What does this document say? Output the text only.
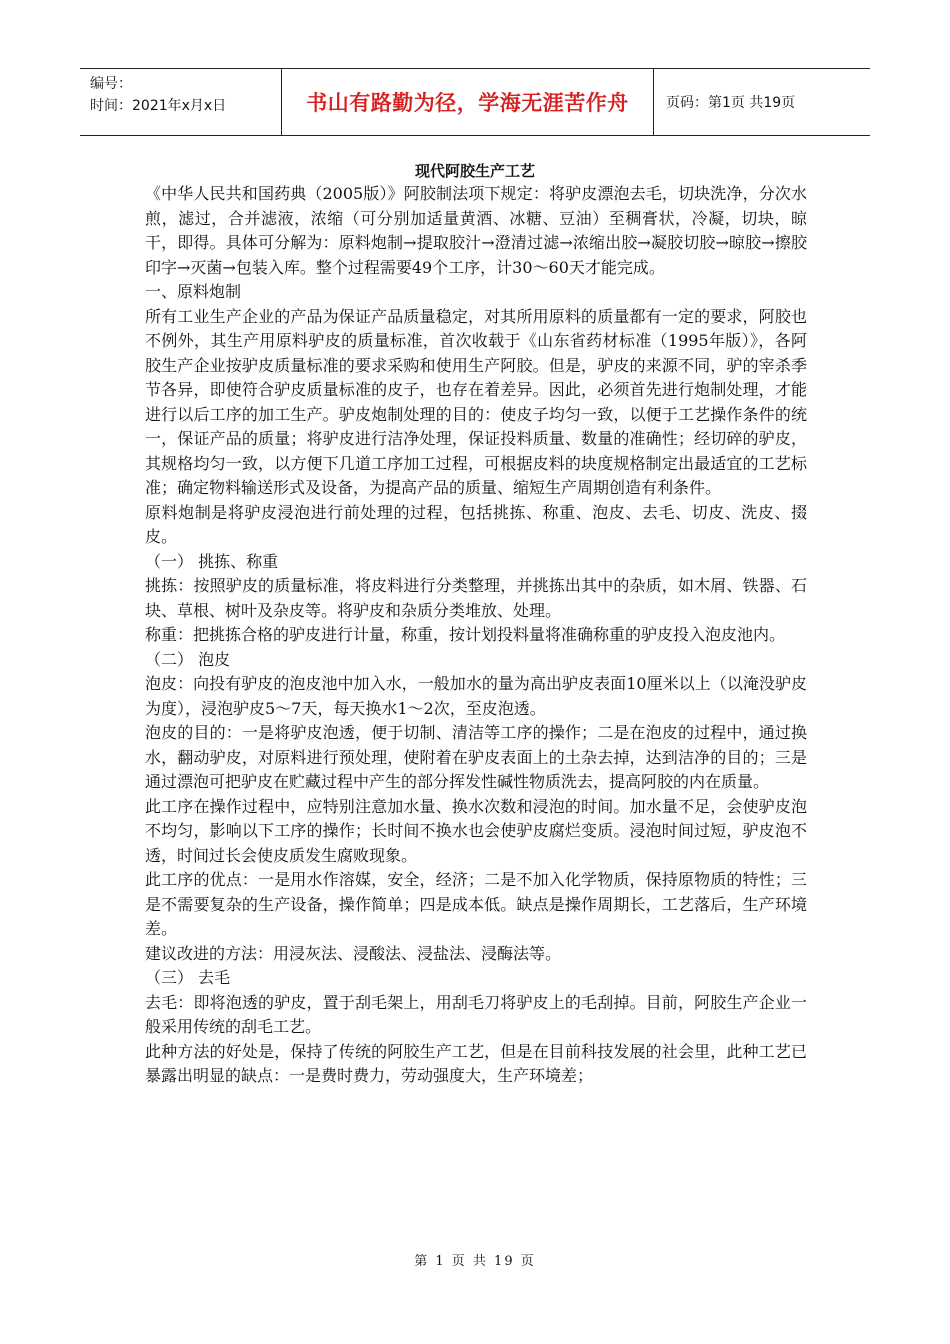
编号：
时间：2021年x月x日	书山有路勤为径，学海无涯苦作舟	页码：第1页 共19页
现代阿胶生产工艺

《中华人民共和国药典（2005版）》阿胶制法项下规定：将驴皮漂泡去毛，切块洗净，分次水煎，滤过，合并滤液，浓缩（可分别加适量黄酒、冰糖、豆油）至稠膏状，冷凝，切块，晾干，即得。具体可分解为：原料炮制→提取胶汁→澄清过滤→浓缩出胶→凝胶切胶→晾胶→擦胶印字→灭菌→包装入库。整个过程需要49个工序，计30～60天才能完成。

一、原料炮制

所有工业生产企业的产品为保证产品质量稳定，对其所用原料的质量都有一定的要求，阿胶也不例外，其生产用原料驴皮的质量标准，首次收载于《山东省药材标准（1995年版）》，各阿胶生产企业按驴皮质量标准的要求采购和使用生产阿胶。但是，驴皮的来源不同，驴的宰杀季节各异，即使符合驴皮质量标准的皮子，也存在着差异。因此，必须首先进行炮制处理，才能进行以后工序的加工生产。驴皮炮制处理的目的：使皮子均匀一致，以便于工艺操作条件的统一，保证产品的质量；将驴皮进行洁净处理，保证投料质量、数量的准确性；经切碎的驴皮，其规格均匀一致，以方便下几道工序加工过程，可根据皮料的块度规格制定出最适宜的工艺标准；确定物料输送形式及设备，为提高产品的质量、缩短生产周期创造有利条件。

原料炮制是将驴皮浸泡进行前处理的过程，包括挑拣、称重、泡皮、去毛、切皮、洗皮、掇皮。

（一） 挑拣、称重

挑拣：按照驴皮的质量标准，将皮料进行分类整理，并挑拣出其中的杂质，如木屑、铁器、石块、草根、树叶及杂皮等。将驴皮和杂质分类堆放、处理。

称重：把挑拣合格的驴皮进行计量，称重，按计划投料量将准确称重的驴皮投入泡皮池内。

（二） 泡皮

泡皮：向投有驴皮的泡皮池中加入水，一般加水的量为高出驴皮表面10厘米以上（以淹没驴皮为度），浸泡驴皮5～7天，每天换水1～2次，至皮泡透。

泡皮的目的：一是将驴皮泡透，便于切制、清洁等工序的操作；二是在泡皮的过程中，通过换水，翻动驴皮，对原料进行预处理，使附着在驴皮表面上的土杂去掉，达到洁净的目的；三是通过漂泡可把驴皮在贮藏过程中产生的部分挥发性碱性物质洗去，提高阿胶的内在质量。

此工序在操作过程中，应特别注意加水量、换水次数和浸泡的时间。加水量不足，会使驴皮泡不均匀，影响以下工序的操作；长时间不换水也会使驴皮腐烂变质。浸泡时间过短，驴皮泡不透，时间过长会使皮质发生腐败现象。

此工序的优点：一是用水作溶媒，安全，经济；二是不加入化学物质，保持原物质的特性；三是不需要复杂的生产设备，操作简单；四是成本低。缺点是操作周期长，工艺落后，生产环境差。

建议改进的方法：用浸灰法、浸酸法、浸盐法、浸酶法等。

（三） 去毛

去毛：即将泡透的驴皮，置于刮毛架上，用刮毛刀将驴皮上的毛刮掉。目前，阿胶生产企业一般采用传统的刮毛工艺。

此种方法的好处是，保持了传统的阿胶生产工艺，但是在目前科技发展的社会里，此种工艺已暴露出明显的缺点：一是费时费力，劳动强度大，生产环境差；

第 1 页 共 19 页
